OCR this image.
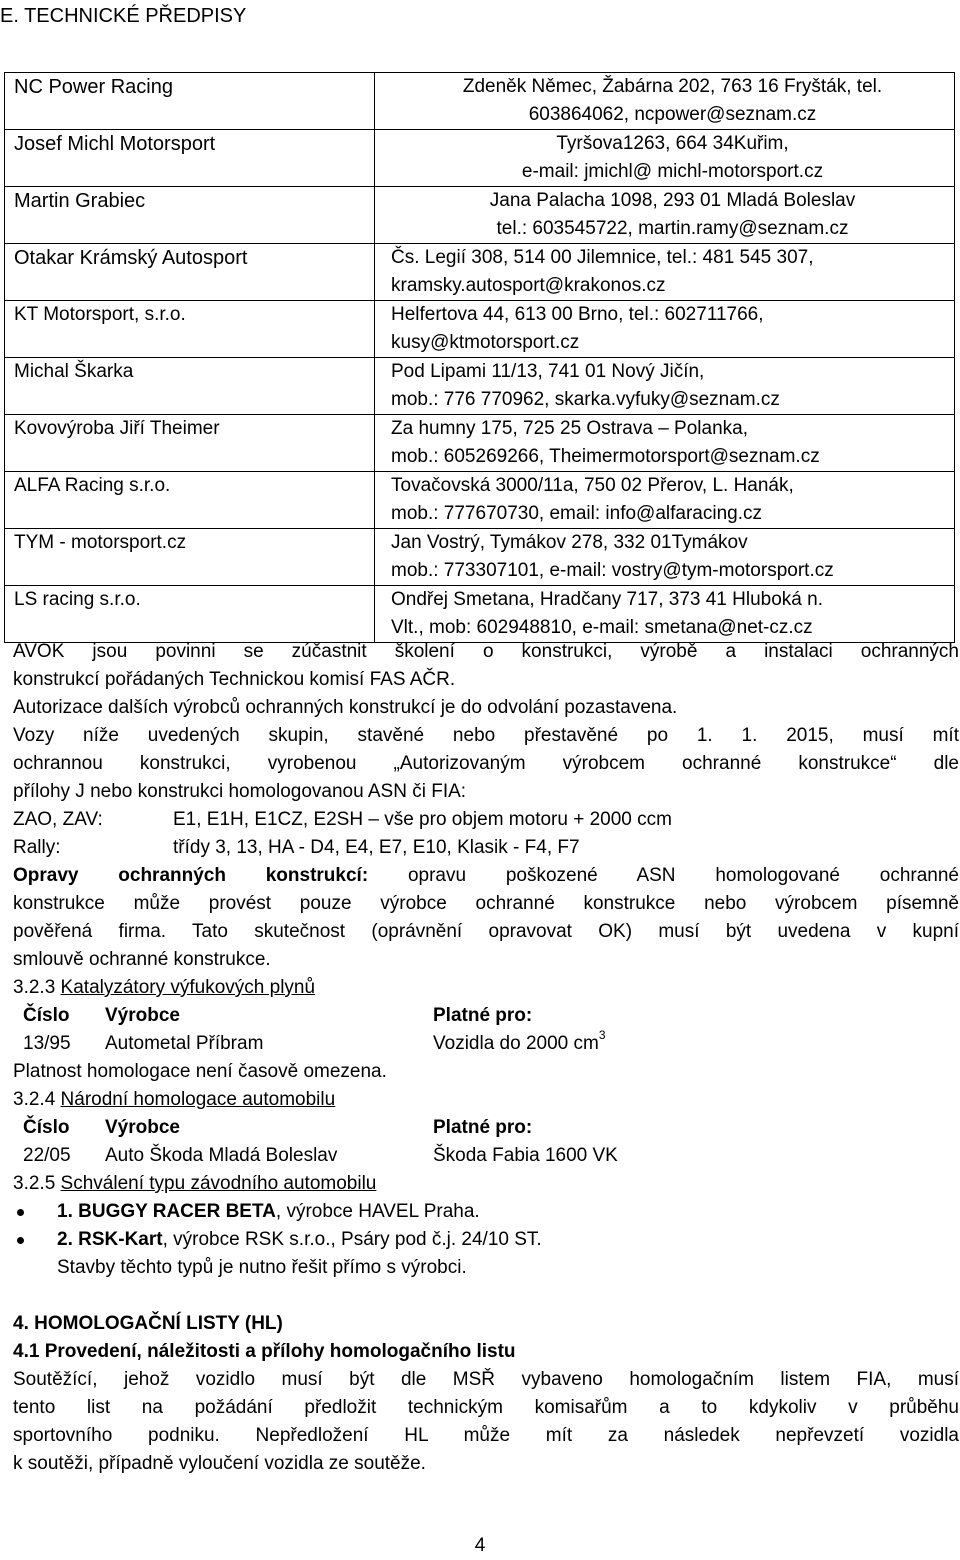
E. TECHNICKÉ PŘEDPISY
NC Power Racing	Zdeněk Němec, Žabárna 202, 763 16 Fryšták, tel.
603864062, ncpower@seznam.cz

Josef Michl Motorsport	Tyršova1263, 664 34Kuřim,
e-mail: jmichl@ michl-motorsport.cz

Martin Grabiec	Jana Palacha 1098, 293 01 Mladá Boleslav
tel.: 603545722, martin.ramy@seznam.cz

Otakar Krámský Autosport	Čs. Legií 308, 514 00 Jilemnice, tel.: 481 545 307,
kramsky.autosport@krakonos.cz

KT Motorsport, s.r.o.	Helfertova 44, 613 00 Brno, tel.: 602711766,
kusy@ktmotorsport.cz

Michal Škarka	Pod Lipami 11/13, 741 01 Nový Jičín,
mob.: 776 770962, skarka.vyfuky@seznam.cz

Kovovýroba Jiří Theimer	Za humny 175, 725 25 Ostrava – Polanka,
mob.: 605269266, Theimermotorsport@seznam.cz

ALFA Racing s.r.o.	Tovačovská 3000/11a, 750 02 Přerov, L. Hanák,
mob.: 777670730, email: info@alfaracing.cz

TYM - motorsport.cz	Jan Vostrý, Tymákov 278, 332 01Tymákov
mob.: 773307101, e-mail: vostry@tym-motorsport.cz

LS racing s.r.o.	Ondřej Smetana, Hradčany 717, 373 41 Hluboká n.
Vlt., mob: 602948810, e-mail: smetana@net-cz.cz
AVOK jsou povinni se zúčastnit školení o konstrukci, výrobě a instalaci ochranných
konstrukcí pořádaných Technickou komisí FAS AČR.
Autorizace dalších výrobců ochranných konstrukcí je do odvolání pozastavena.
Vozy níže uvedených skupin, stavěné nebo přestavěné po 1. 1. 2015, musí mít
ochrannou konstrukci, vyrobenou „Autorizovaným výrobcem ochranné konstrukce“ dle
přílohy J nebo konstrukci homologovanou ASN či FIA:
ZAO, ZAV:	E1, E1H, E1CZ, E2SH – vše pro objem motoru + 2000 ccm
Rally:	třídy 3, 13, HA - D4, E4, E7, E10, Klasik - F4, F7
Opravy ochranných konstrukcí: opravu poškozené ASN homologované ochranné
konstrukce může provést pouze výrobce ochranné konstrukce nebo výrobcem písemně
pověřená firma. Tato skutečnost (oprávnění opravovat OK) musí být uvedena v kupní
smlouvě ochranné konstrukce.
3.2.3 Katalyzátory výfukových plynů
Číslo Výrobce	Platné pro:
13/95 Autometal Příbram	Vozidla do 2000 $cm^3$
Platnost homologace není časově omezena.
3.2.4 Národní homologace automobilu
Číslo Výrobce	Platné pro:
22/05 Auto Škoda Mladá Boleslav	Škoda Fabia 1600 VK
3.2.5 Schválení typu závodního automobilu
1. BUGGY RACER BETA, výrobce HAVEL Praha.
2. RSK-Kart, výrobce RSK s.r.o., Psáry pod č.j. 24/10 ST.
Stavby těchto typů je nutno řešit přímo s výrobci.
4. HOMOLOGAČNÍ LISTY (HL)
4.1 Provedení, náležitosti a přílohy homologačního listu
Soutěžící, jehož vozidlo musí být dle MSŘ vybaveno homologačním listem FIA, musí
tento list na požádání předložit technickým komisařům a to kdykoliv v průběhu
sportovního podniku. Nepředložení HL může mít za následek nepřevzetí vozidla
k soutěži, případně vyloučení vozidla ze soutěže.
4
